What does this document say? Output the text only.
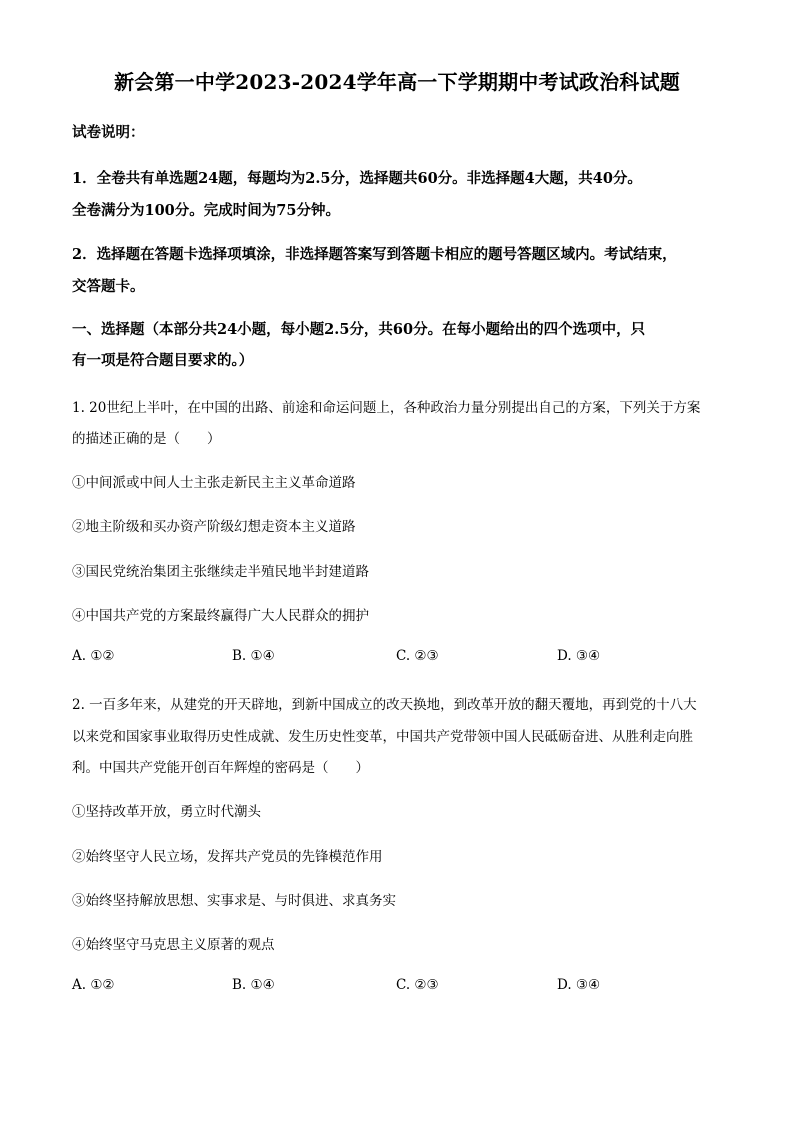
新会第一中学2023-2024学年高一下学期期中考试政治科试题
试卷说明：
1．全卷共有单选题24题，每题均为2.5分，选择题共60分。非选择题4大题，共40分。
全卷满分为100分。完成时间为75分钟。
2．选择题在答题卡选择项填涂，非选择题答案写到答题卡相应的题号答题区域内。考试结束，
交答题卡。
一、选择题（本部分共24小题，每小题2.5分，共60分。在每小题给出的四个选项中，只
有一项是符合题目要求的。）
1. 20世纪上半叶，在中国的出路、前途和命运问题上，各种政治力量分别提出自己的方案，下列关于方案
的描述正确的是（　　）
①中间派或中间人士主张走新民主主义革命道路
②地主阶级和买办资产阶级幻想走资本主义道路
③国民党统治集团主张继续走半殖民地半封建道路
④中国共产党的方案最终赢得广大人民群众的拥护
A. ①②	B. ①④	C. ②③	D. ③④
2. 一百多年来，从建党的开天辟地，到新中国成立的改天换地，到改革开放的翻天覆地，再到党的十八大
以来党和国家事业取得历史性成就、发生历史性变革，中国共产党带领中国人民砥砺奋进、从胜利走向胜
利。中国共产党能开创百年辉煌的密码是（　　）
①坚持改革开放，勇立时代潮头
②始终坚守人民立场，发挥共产党员的先锋模范作用
③始终坚持解放思想、实事求是、与时俱进、求真务实
④始终坚守马克思主义原著的观点
A. ①②	B. ①④	C. ②③	D. ③④
